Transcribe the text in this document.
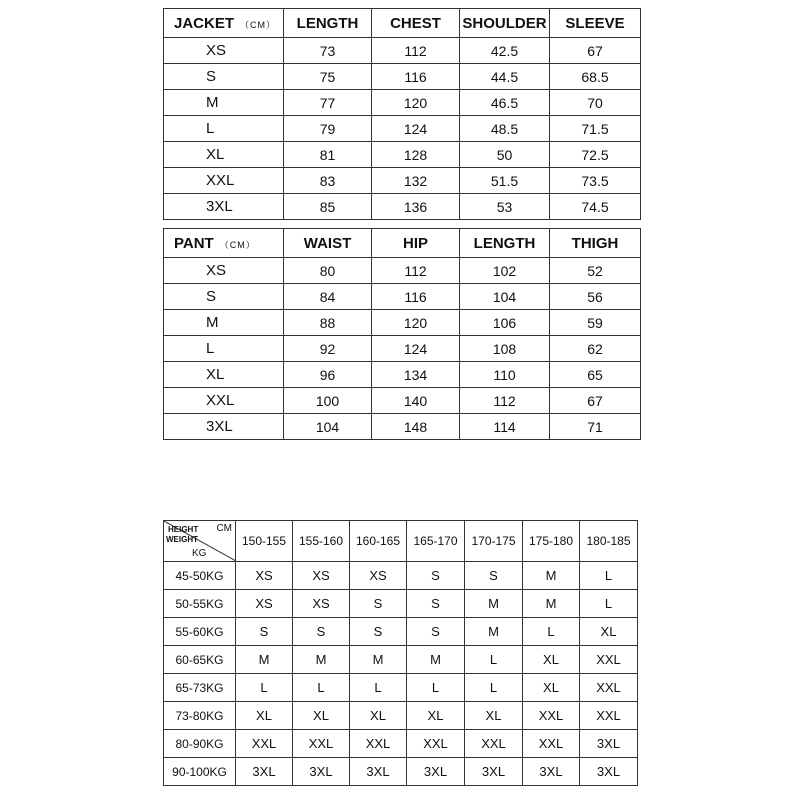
JACKET （CM）	LENGTH	CHEST	SHOULDER	SLEEVE
XS	73	112	42.5	67
S	75	116	44.5	68.5
M	77	120	46.5	70
L	79	124	48.5	71.5
XL	81	128	50	72.5
XXL	83	132	51.5	73.5
3XL	85	136	53	74.5
PANT （CM）	WAIST	HIP	LENGTH	THIGH
XS	80	112	102	52
S	84	116	104	56
M	88	120	106	59
L	92	124	108	62
XL	96	134	110	65
XXL	100	140	112	67
3XL	104	148	114	71
HEIGHT CM
WEIGHT
KG	150-155	155-160	160-165	165-170	170-175	175-180	180-185
45-50KG	XS	XS	XS	S	S	M	L
50-55KG	XS	XS	S	S	M	M	L
55-60KG	S	S	S	S	M	L	XL
60-65KG	M	M	M	M	L	XL	XXL
65-73KG	L	L	L	L	L	XL	XXL
73-80KG	XL	XL	XL	XL	XL	XXL	XXL
80-90KG	XXL	XXL	XXL	XXL	XXL	XXL	3XL
90-100KG	3XL	3XL	3XL	3XL	3XL	3XL	3XL
